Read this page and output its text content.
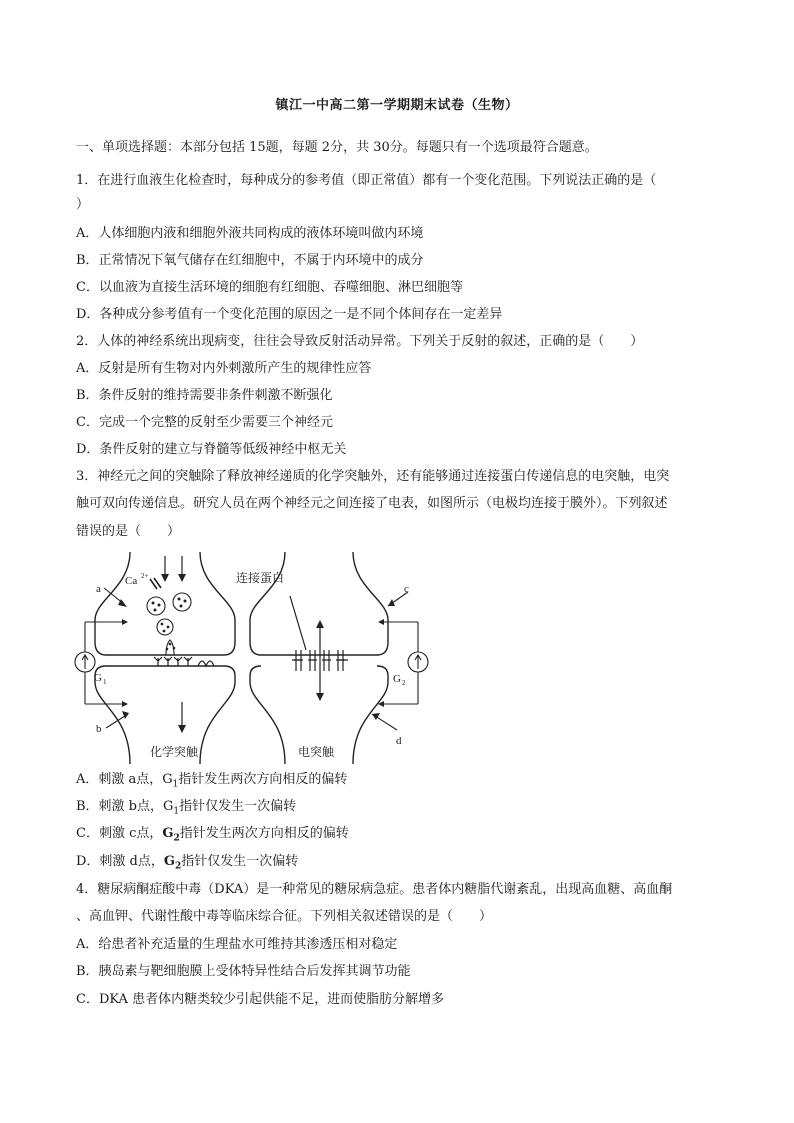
镇江一中高二第一学期期末试卷（生物）
一、单项选择题：本部分包括 15题，每题 2分，共 30分。每题只有一个选项最符合题意。
1．在进行血液生化检查时，每种成分的参考值（即正常值）都有一个变化范围。下列说法正确的是（
）
A．人体细胞内液和细胞外液共同构成的液体环境叫做内环境
B．正常情况下氧气储存在红细胞中，不属于内环境中的成分
C．以血液为直接生活环境的细胞有红细胞、吞噬细胞、淋巴细胞等
D．各种成分参考值有一个变化范围的原因之一是不同个体间存在一定差异
2．人体的神经系统出现病变，往往会导致反射活动异常。下列关于反射的叙述，正确的是（　　）
A．反射是所有生物对内外刺激所产生的规律性应答
B．条件反射的维持需要非条件刺激不断强化
C．完成一个完整的反射至少需要三个神经元
D．条件反射的建立与脊髓等低级神经中枢无关
3．神经元之间的突触除了释放神经递质的化学突触外，还有能够通过连接蛋白传递信息的电突触，电突
触可双向传递信息。研究人员在两个神经元之间连接了电表，如图所示（电极均连接于膜外）。下列叙述
错误的是（　　）
a
b
c
d
Ca 2+
G 1	G 2
连接蛋白
化学突触	电突触
A．刺激 a点，$G_1$指针发生两次方向相反的偏转
B．刺激 b点，$G_1$指针仅发生一次偏转
C．刺激 c点，$G_2$指针发生两次方向相反的偏转
D．刺激 d点，$G_2$指针仅发生一次偏转
4．糖尿病酮症酸中毒（DKA）是一种常见的糖尿病急症。患者体内糖脂代谢紊乱，出现高血糖、高血酮
、高血钾、代谢性酸中毒等临床综合征。下列相关叙述错误的是（　　）
A．给患者补充适量的生理盐水可维持其渗透压相对稳定
B．胰岛素与靶细胞膜上受体特异性结合后发挥其调节功能
C．DKA 患者体内糖类较少引起供能不足，进而使脂肪分解增多
